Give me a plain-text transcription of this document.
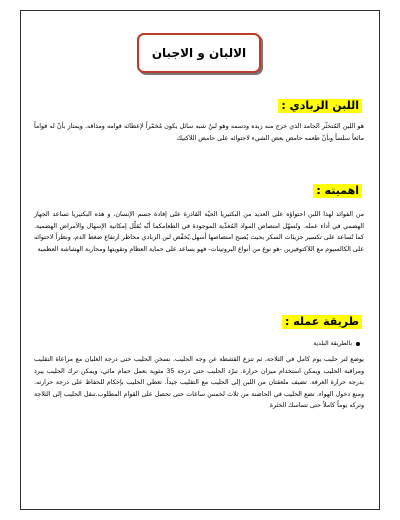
الالبان و الاجبان
اللبن الزبادي :

هو اللبن المُتخثّر الجامد الذي خرج منه زبده ودسمه وهو لبنٌ شبه سائل يكون مُخمّراً لإعطائه قوامه ومذاقه. ويمتاز بأنّ له قواماً مائعاً سلساً وبأنّ طعمه حامض بعض الشيء لاحتوائه على حامض اللاكتيك

اهميته :

من الفوائد لهذا اللبن احتواؤه على العديد من البكتيريا الحيّة القادرة على إفادة جسم الإنسان، و هذه البكتيريا تساعد الجهاز الهضمي في أداء عمله. وتُسهّل امتصاص المواد المُغذّية الموجودة في الطعامكما أنّه يُقلّل إمكانية الإسهال والأمراض الهضمية. كما تُساعد على تكسير جزيئات السكر بحيث يُصبح امتصاصها أسهل.يُخفّض لبن الزبادي مخاطر ارتفاع ضغط الدم، ونظراً لاحتوائه على الكالسيوم مع اللاكتوفيرين -هو نوع من أنواع البروتينات- فهو يساعد على حماية العظام وتقويتها ومحاربة الهشاشة العظمية

طريقة عمله :
بالطريقة البلدية

يوضع لتر حليب يوم كامل في الثلاجة، ثم تنزع القشطة عن وجه الحليب. نسخن الحليب حتى درجة الغليان مع مراعاة التقليب ومراقبة الحليب ويمكن استخدام ميزان حرارة. تبرّد الحليب حتى درجة 35 مئوية بعمل حمام مائي، ويمكن ترك الحليب يبرد بدرجة حرارة الغرفة. تضيف ملعقتان من اللبن إلى الحليب مع التقليب جيداً. تغطي الحليب بإحكام للحفاظ على درجة حرارته. ومنع دخول الهواء. تضع الحليب في الحاضنة من ثلاث لخمس ساعات حتى تحصل على القوام المطلوب.تنقل الحليب إلى الثلاجة وتركه يوماً كاملاً حتى تتماسك الخثرة
